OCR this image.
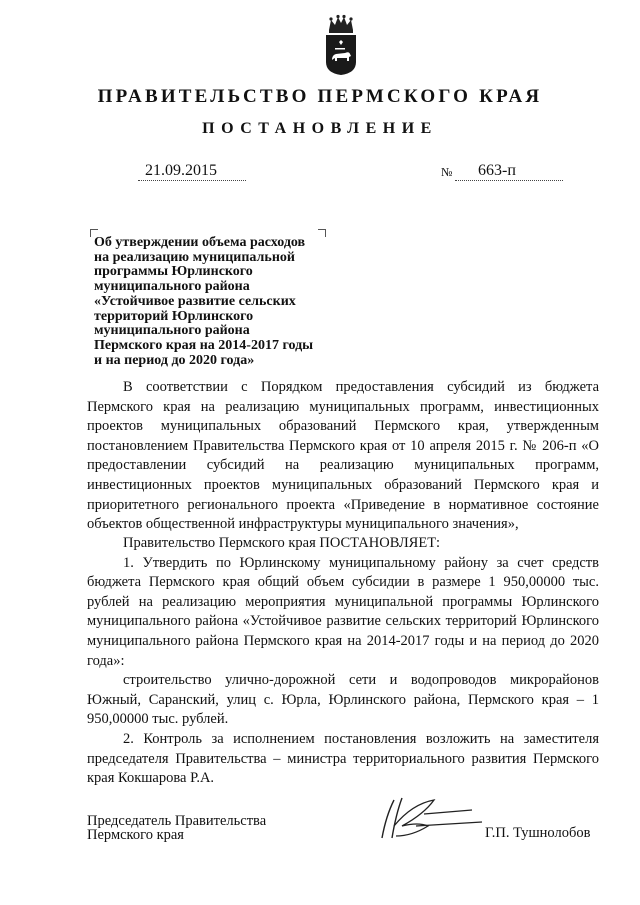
ПРАВИТЕЛЬСТВО ПЕРМСКОГО КРАЯ
ПОСТАНОВЛЕНИЕ
21.09.2015	№ 663-п
Об утверждении объема расходов
на реализацию муниципальной
программы Юрлинского
муниципального района
«Устойчивое развитие сельских
территорий Юрлинского
муниципального района
Пермского края на 2014-2017 годы
и на период до 2020 года»

В соответствии с Порядком предоставления субсидий из бюджета Пермского края на реализацию муниципальных программ, инвестиционных проектов муниципальных образований Пермского края, утвержденным постановлением Правительства Пермского края от 10 апреля 2015 г. № 206-п «О предоставлении субсидий на реализацию муниципальных программ, инвестиционных проектов муниципальных образований Пермского края и приоритетного регионального проекта «Приведение в нормативное состояние объектов общественной инфраструктуры муниципального значения»,

Правительство Пермского края ПОСТАНОВЛЯЕТ:

1. Утвердить по Юрлинскому муниципальному району за счет средств бюджета Пермского края общий объем субсидии в размере 1 950,00000 тыс. рублей на реализацию мероприятия муниципальной программы Юрлинского муниципального района «Устойчивое развитие сельских территорий Юрлинского муниципального района Пермского края на 2014-2017 годы и на период до 2020 года»:

строительство улично-дорожной сети и водопроводов микрорайонов Южный, Саранский, улиц с. Юрла, Юрлинского района, Пермского края – 1 950,00000 тыс. рублей.

2. Контроль за исполнением постановления возложить на заместителя председателя Правительства – министра территориального развития Пермского края Кокшарова Р.А.

Председатель Правительства
Пермского края	Г.П. Тушнолобов
